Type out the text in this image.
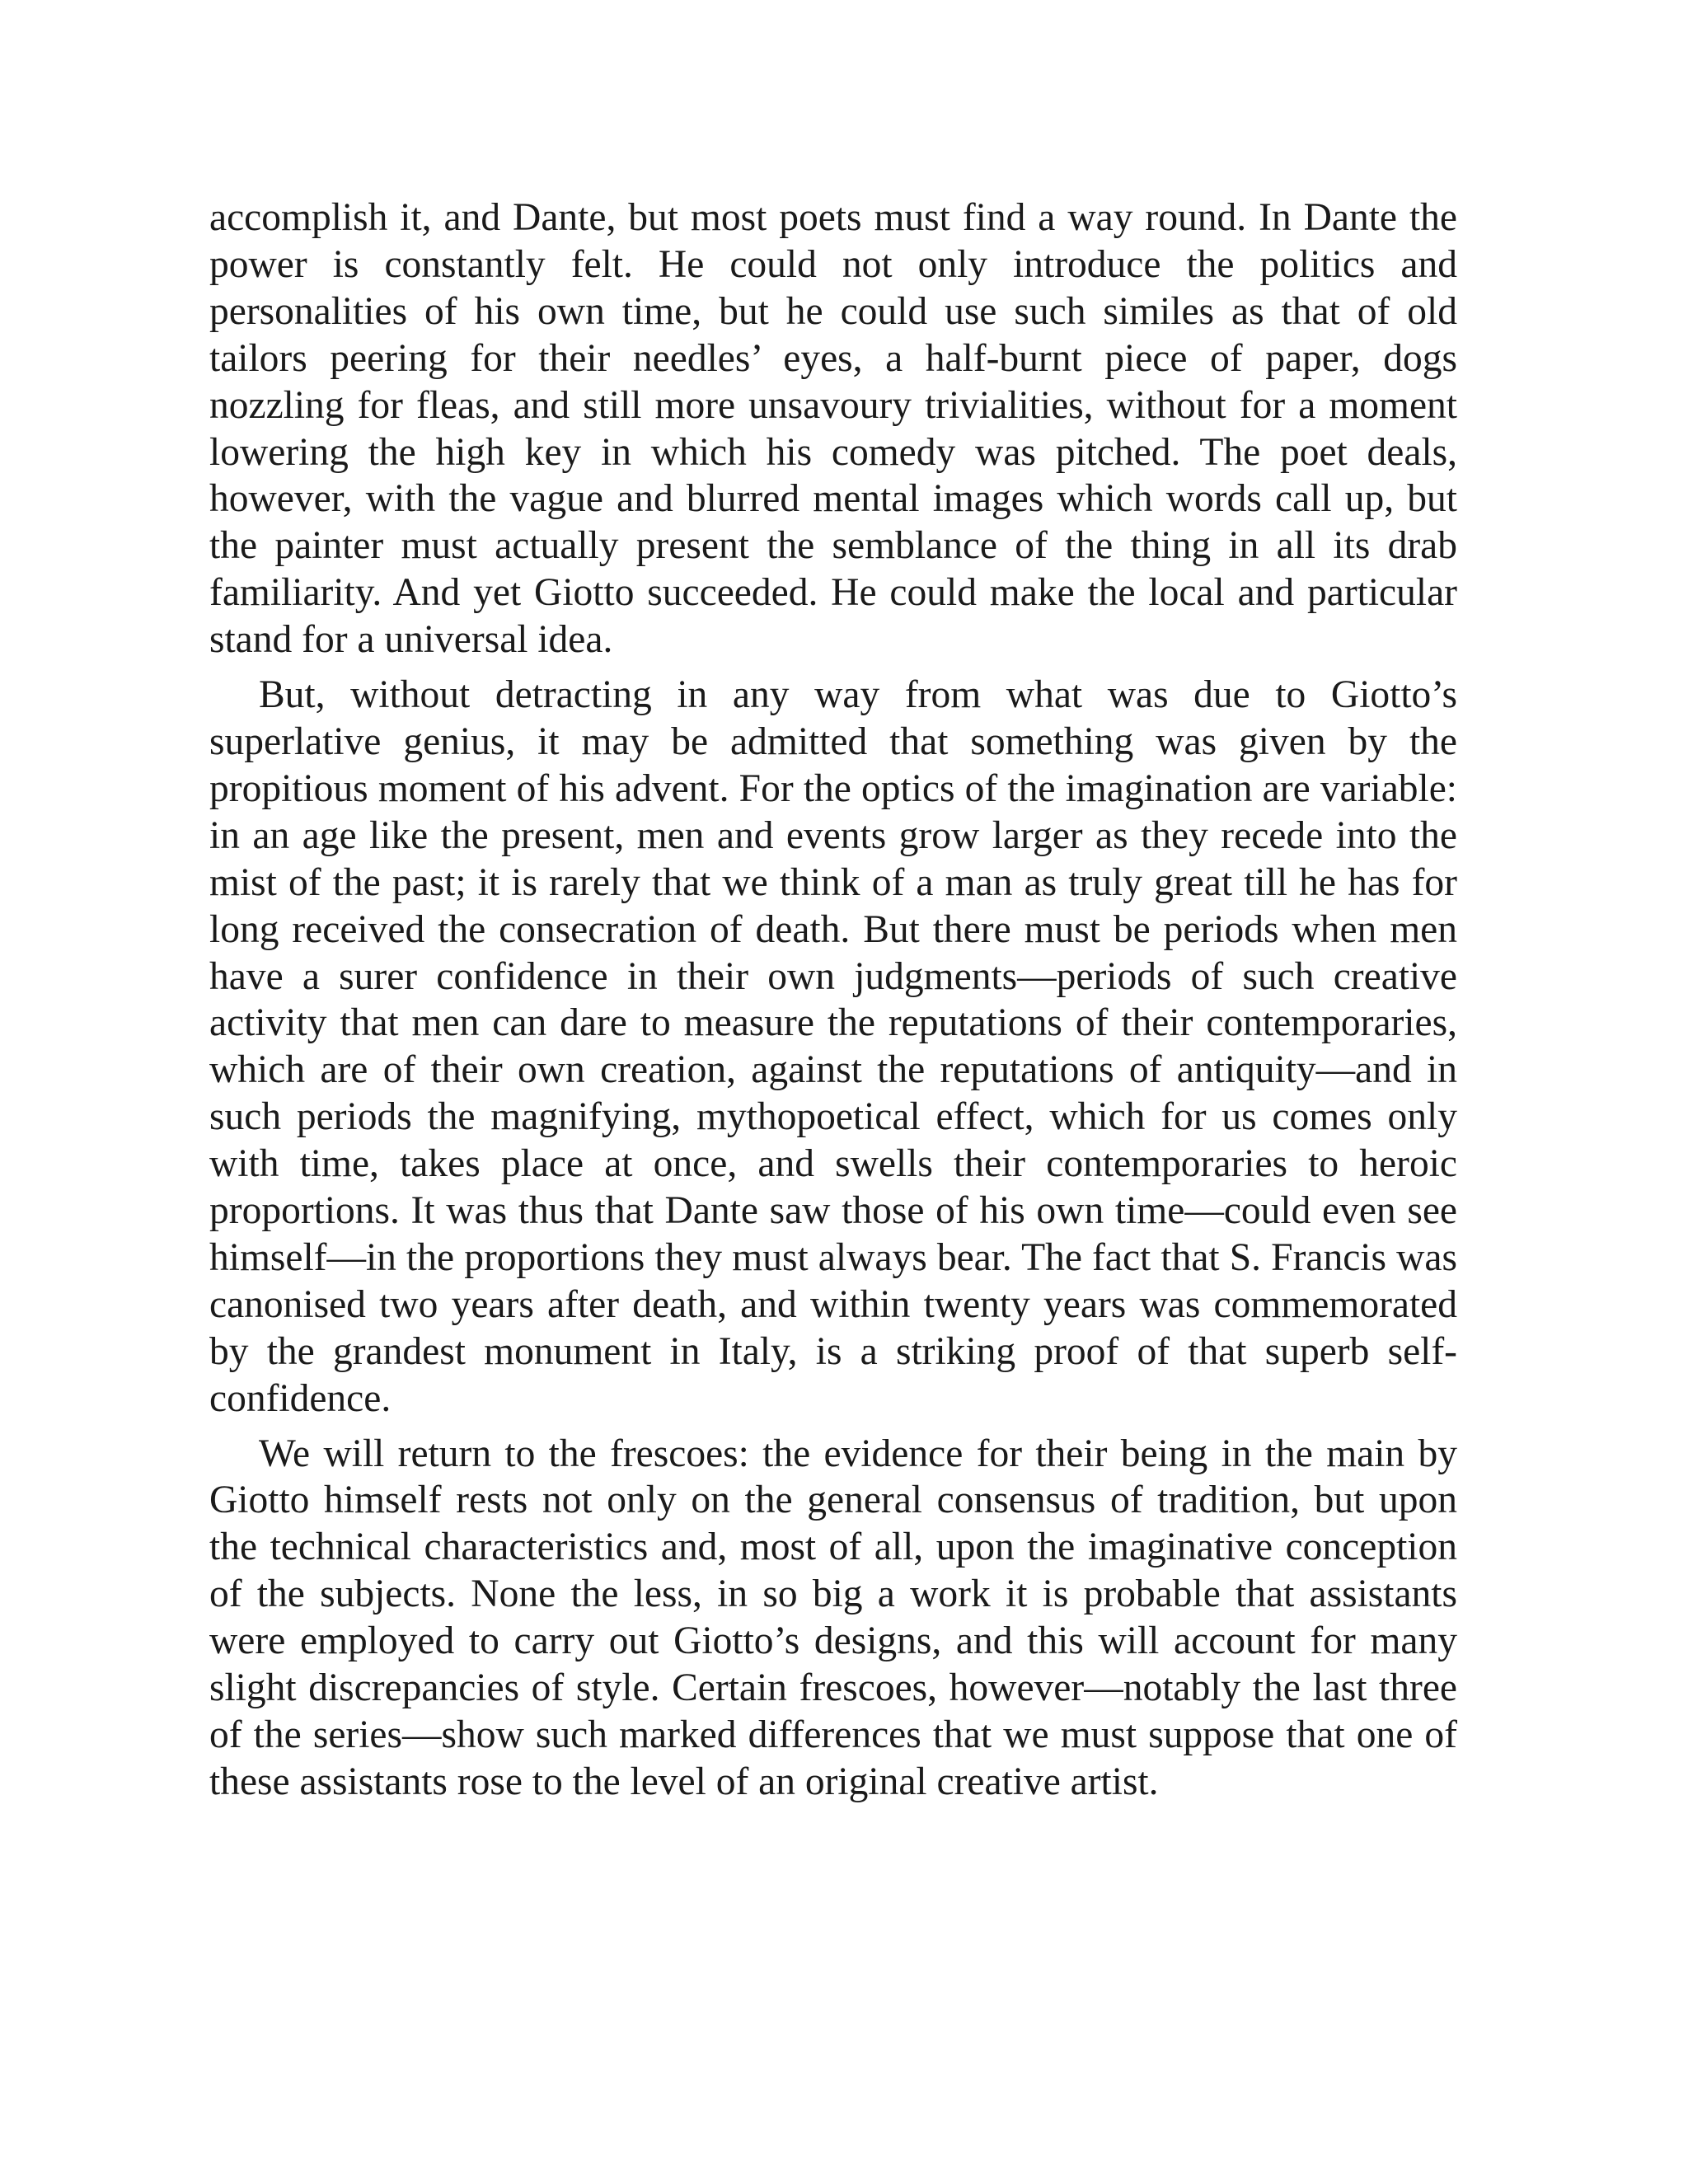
accomplish it, and Dante, but most poets must find a way round. In Dante the power is constantly felt. He could not only introduce the politics and personalities of his own time, but he could use such similes as that of old tailors peering for their needles’ eyes, a half-burnt piece of paper, dogs nozzling for fleas, and still more unsavoury trivialities, without for a moment lowering the high key in which his comedy was pitched. The poet deals, however, with the vague and blurred mental images which words call up, but the painter must actually present the semblance of the thing in all its drab familiarity. And yet Giotto succeeded. He could make the local and particular stand for a universal idea.

But, without detracting in any way from what was due to Giotto’s superlative genius, it may be admitted that something was given by the propitious moment of his advent. For the optics of the imagination are variable: in an age like the present, men and events grow larger as they recede into the mist of the past; it is rarely that we think of a man as truly great till he has for long received the consecration of death. But there must be periods when men have a surer confidence in their own judgments—periods of such creative activity that men can dare to measure the reputations of their contemporaries, which are of their own creation, against the reputations of antiquity—and in such periods the magnifying, mythopoetical effect, which for us comes only with time, takes place at once, and swells their contemporaries to heroic proportions. It was thus that Dante saw those of his own time—could even see himself—in the proportions they must always bear. The fact that S. Francis was canonised two years after death, and within twenty years was commemorated by the grandest monument in Italy, is a striking proof of that superb self-confidence.

We will return to the frescoes: the evidence for their being in the main by Giotto himself rests not only on the general consensus of tradition, but upon the technical characteristics and, most of all, upon the imaginative conception of the subjects. None the less, in so big a work it is probable that assistants were employed to carry out Giotto’s designs, and this will account for many slight discrepancies of style. Certain frescoes, however—notably the last three of the series—show such marked differences that we must suppose that one of these assistants rose to the level of an original creative artist.
